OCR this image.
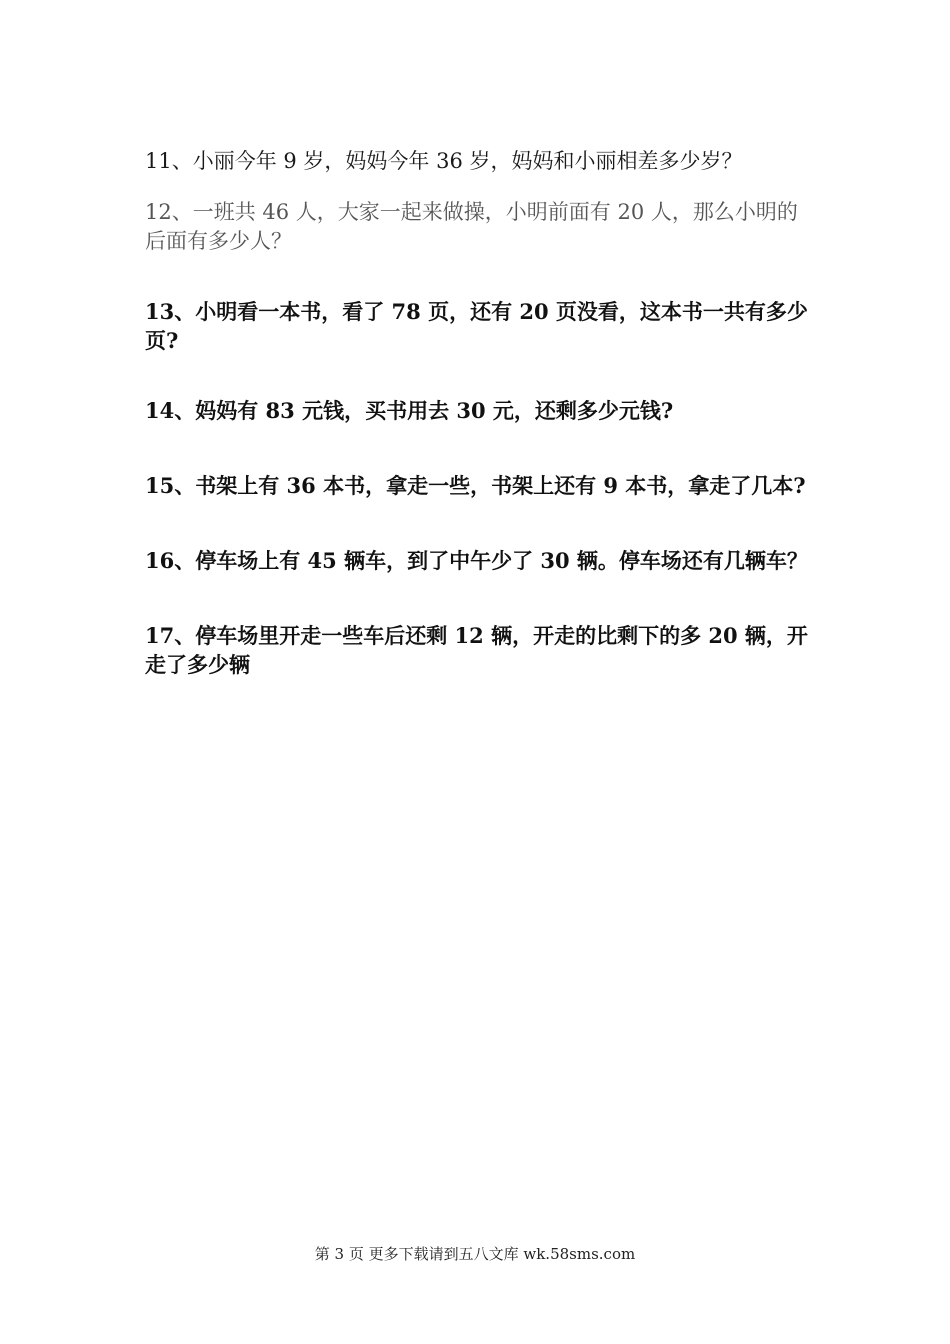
11、小丽今年 9 岁，妈妈今年 36 岁，妈妈和小丽相差多少岁？

12、一班共 46 人，大家一起来做操，小明前面有 20 人，那么小明的后面有多少人？

13、小明看一本书，看了 78 页，还有 20 页没看，这本书一共有多少页?

14、妈妈有 83 元钱，买书用去 30 元，还剩多少元钱?

15、书架上有 36 本书，拿走一些，书架上还有 9 本书，拿走了几本?

16、停车场上有 45 辆车，到了中午少了 30 辆。停车场还有几辆车？

17、停车场里开走一些车后还剩 12 辆，开走的比剩下的多 20 辆，开走了多少辆

第 3 页 更多下载请到五八文库 wk.58sms.com
